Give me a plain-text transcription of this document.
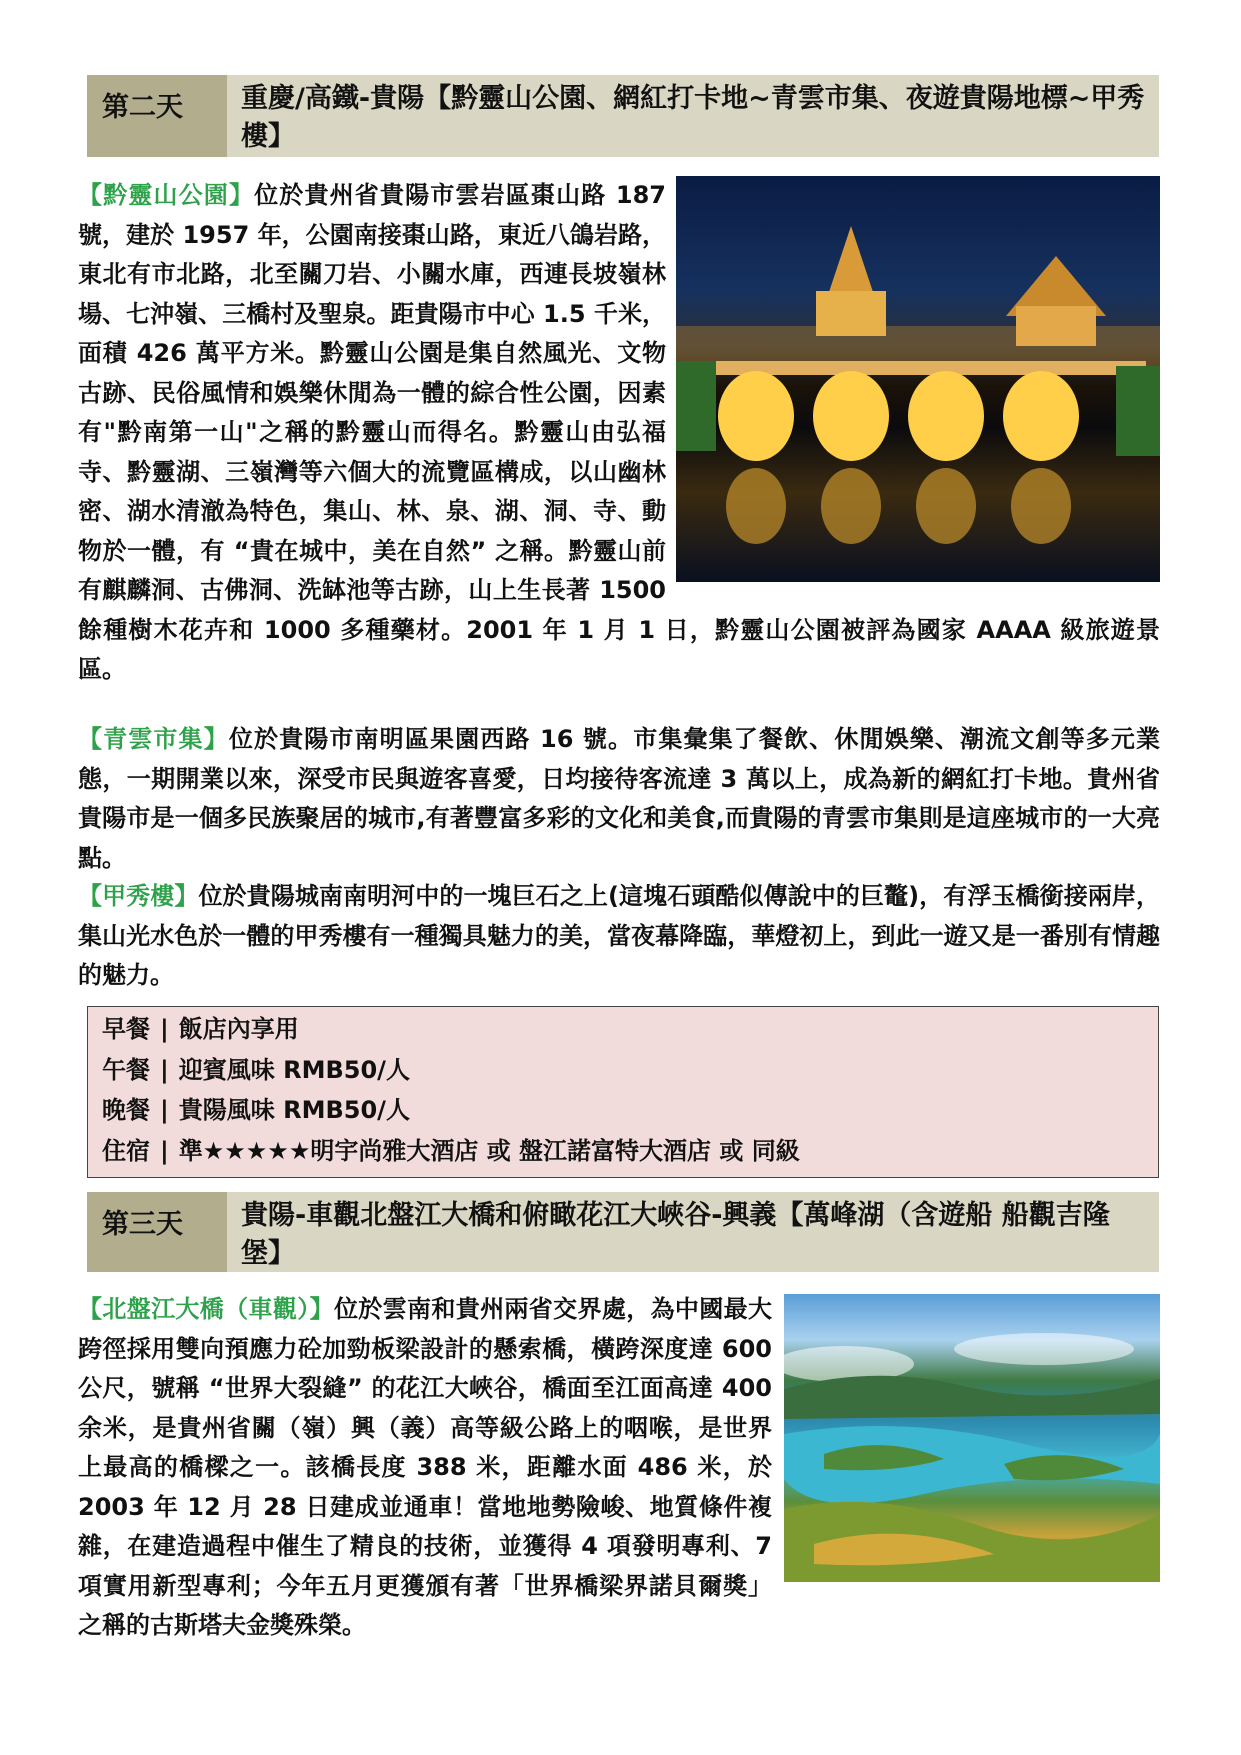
第二天	重慶/高鐵-貴陽【黔靈山公園、網紅打卡地~青雲市集、夜遊貴陽地標~甲秀樓】

【黔靈山公園】位於貴州省貴陽市雲岩區棗山路 187 號，建於 1957 年，公園南接棗山路，東近八鴿岩路，東北有市北路，北至關刀岩、小關水庫，西連長坡嶺林場、七沖嶺、三橋村及聖泉。距貴陽市中心 1.5 千米，面積 426 萬平方米。黔靈山公園是集自然風光、文物古跡、民俗風情和娛樂休閒為一體的綜合性公園，因素有"黔南第一山"之稱的黔靈山而得名。黔靈山由弘福寺、黔靈湖、三嶺灣等六個大的流覽區構成，以山幽林密、湖水清澈為特色，集山、林、泉、湖、洞、寺、動物於一體，有 “貴在城中，美在自然” 之稱。黔靈山前有麒麟洞、古佛洞、洗缽池等古跡，山上生長著 1500 餘種樹木花卉和 1000 多種藥材。2001 年 1 月 1 日，黔靈山公園被評為國家 AAAA 級旅遊景區。

【青雲市集】位於貴陽市南明區果園西路 16 號。市集彙集了餐飲、休閒娛樂、潮流文創等多元業態，一期開業以來，深受市民與遊客喜愛，日均接待客流達 3 萬以上，成為新的網紅打卡地。貴州省貴陽市是一個多民族聚居的城市,有著豐富多彩的文化和美食,而貴陽的青雲市集則是這座城市的一大亮點。

【甲秀樓】位於貴陽城南南明河中的一塊巨石之上(這塊石頭酷似傳說中的巨鼇)，有浮玉橋銜接兩岸，集山光水色於一體的甲秀樓有一種獨具魅力的美，當夜幕降臨，華燈初上，到此一遊又是一番別有情趣的魅力。

早餐 | 飯店內享用
午餐 | 迎賓風味 RMB50/人
晚餐 | 貴陽風味 RMB50/人
住宿 | 準★★★★★明宇尚雅大酒店 或 盤江諾富特大酒店 或 同級
第三天	貴陽-車觀北盤江大橋和俯瞰花江大峽谷-興義【萬峰湖（含遊船 船觀吉隆堡】

【北盤江大橋（車觀）】位於雲南和貴州兩省交界處，為中國最大跨徑採用雙向預應力砼加勁板梁設計的懸索橋，橫跨深度達 600 公尺，號稱 “世界大裂縫” 的花江大峽谷，橋面至江面高達 400 余米，是貴州省關（嶺）興（義）高等級公路上的咽喉，是世界上最高的橋樑之一。該橋長度 388 米，距離水面 486 米，於 2003 年 12 月 28 日建成並通車！當地地勢險峻、地質條件複雜，在建造過程中催生了精良的技術，並獲得 4 項發明專利、7 項實用新型專利；今年五月更獲頒有著「世界橋梁界諾貝爾獎」之稱的古斯塔夫金獎殊榮。
